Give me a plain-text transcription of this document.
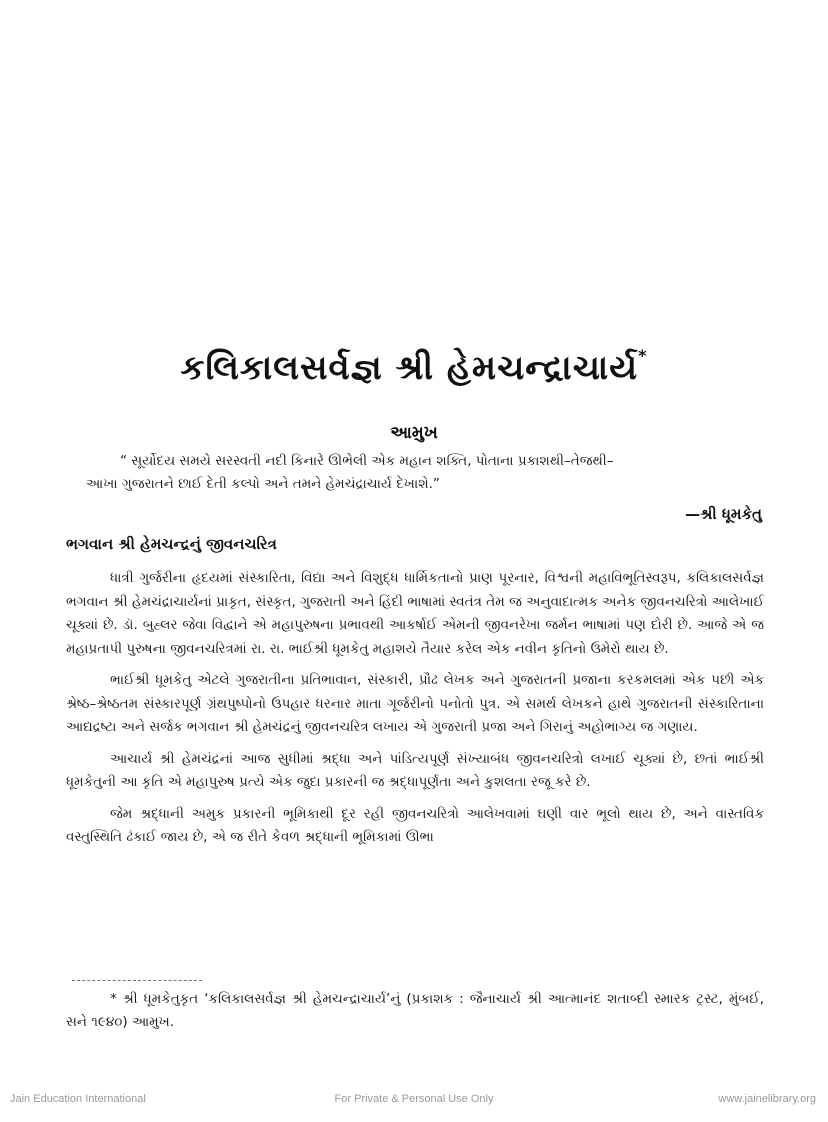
કલિકાલસર્વજ્ઞ શ્રી હેમચન્દ્રાચાર્ય*
આમુખ
“ સૂર્યોદય સમયે સરસ્વતી નદી કિનારે ઊભેલી એક મહાન શક્તિ, પોતાના પ્રકાશથી–તેજથી–
આખા ગુજરાતને છાઈ દેતી કલ્પો અને તમને હેમચંદ્રાચાર્ય દેખાશે.”
—શ્રી ધૂમકેતુ
ભગવાન શ્રી હેમચન્દ્રનું જીવનચરિત્ર

ધાત્રી ગુર્જરીના હૃદયમાં સંસ્કારિતા, વિદ્યા અને વિશુદ્ધ ધાર્મિકતાનો પ્રાણ પૂરનાર, વિશ્વની મહાવિભૂતિસ્વરૂપ, કલિકાલસર્વજ્ઞ ભગવાન શ્રી હેમચંદ્રાચાર્યનાં પ્રાકૃત, સંસ્કૃત, ગુજરાતી અને હિંદી ભાષામાં સ્વતંત્ર તેમ જ અનુવાદાત્મક અનેક જીવનચરિત્રો આલેખાઈ ચૂક્યાં છે. ડૉ. બુહ્લર જેવા વિદ્વાને એ મહાપુરુષના પ્રભાવથી આકર્ષાઈ એમની જીવનરેખા જર્મન ભાષામાં પણ દોરી છે. આજે એ જ મહાપ્રતાપી પુરુષના જીવનચરિત્રમાં રા. રા. ભાઈશ્રી ધૂમકેતુ મહાશયે તૈયાર કરેલ એક નવીન કૃતિનો ઉમેરો થાય છે.

ભાઈશ્રી ધૂમકેતુ એટલે ગુજરાતીના પ્રતિભાવાન, સંસ્કારી, પ્રૌઢ લેખક અને ગુજરાતની પ્રજાના કરકમલમાં એક પછી એક શ્રેષ્ઠ–શ્રેષ્ઠતમ સંસ્કારપૂર્ણ ગ્રંથપુષ્પોનો ઉપહાર ધરનાર માતા ગૂર્જરીનો પનોતો પુત્ર. એ સમર્થ લેખકને હાથે ગુજરાતની સંસ્કારિતાના આદ્યદ્રષ્ટા અને સર્જક ભગવાન શ્રી હેમચંદ્રનું જીવનચરિત્ર લખાય એ ગુજરાતી પ્રજા અને ગિરાનું અહોભાગ્ય જ ગણાય.

આચાર્ય શ્રી હેમચંદ્રનાં આજ સુધીમાં શ્રદ્ધા અને પાંડિત્યપૂર્ણ સંખ્યાબંધ જીવનચરિત્રો લખાઈ ચૂક્યાં છે, છતાં ભાઈશ્રી ધૂમકેતુની આ કૃતિ એ મહાપુરુષ પ્રત્યે એક જુદા પ્રકારની જ શ્રદ્ધાપૂર્ણતા અને કુશલતા રજૂ કરે છે.

જેમ શ્રદ્ધાની અમુક પ્રકારની ભૂમિકાથી દૂર રહી જીવનચરિત્રો આલેખવામાં ઘણી વાર ભૂલો થાય છે, અને વાસ્તવિક વસ્તુસ્થિતિ ઢંકાઈ જાય છે, એ જ રીતે કેવળ શ્રદ્ધાની ભૂમિકામાં ઊભા

* શ્રી ધૂમકેતુકૃત ‘કલિકાલસર્વજ્ઞ શ્રી હેમચન્દ્રાચાર્ય’નું (પ્રકાશક : જૈનાચાર્ય શ્રી આત્માનંદ શતાબ્દી સ્મારક ટ્રસ્ટ, મુંબઈ, સને ૧૯૪૦) આમુખ.
Jain Education International	For Private & Personal Use Only	www.jainelibrary.org
